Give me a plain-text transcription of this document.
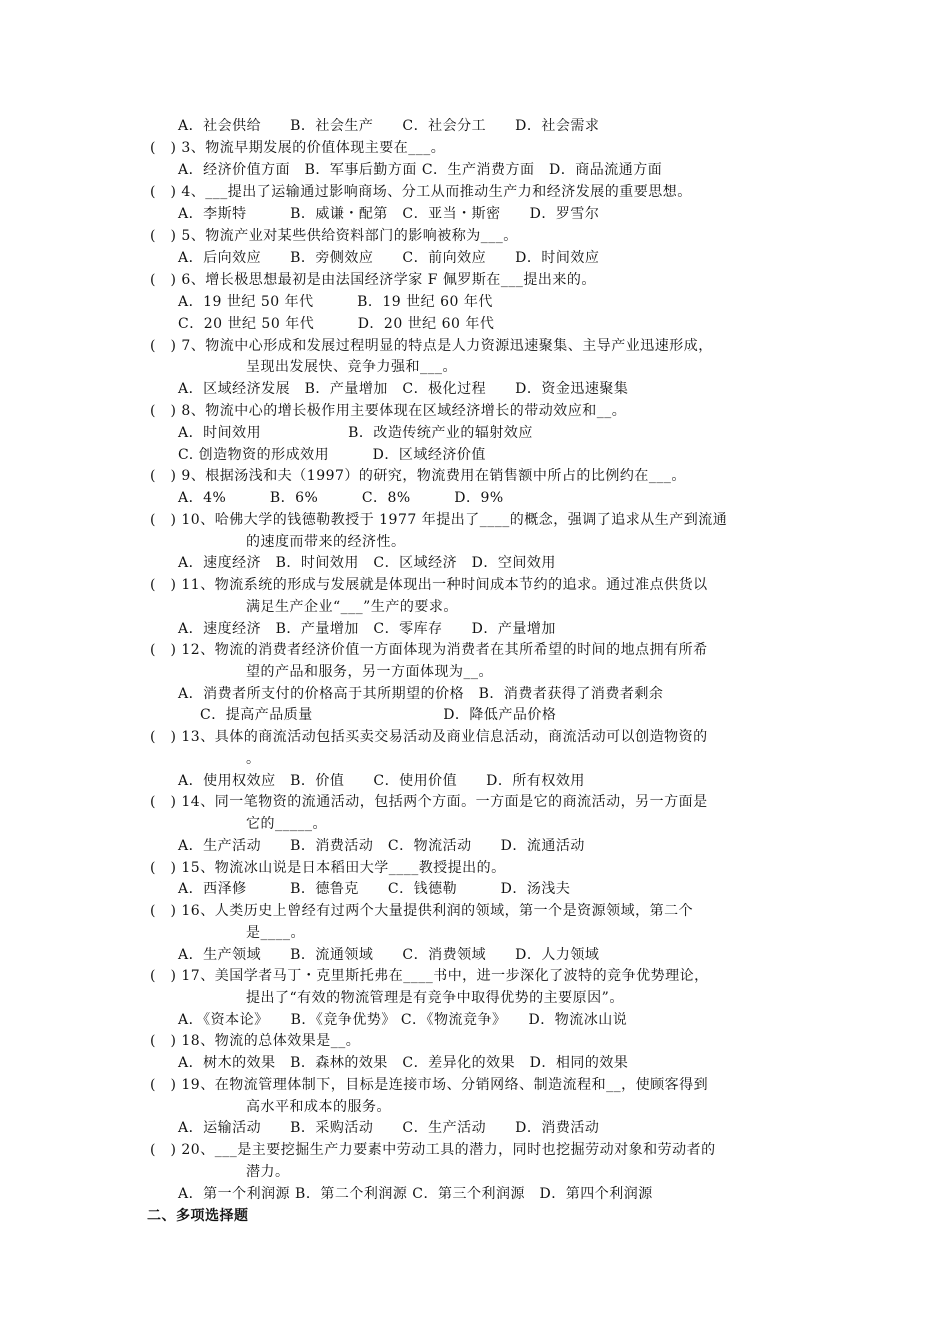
A．社会供给　　B．社会生产　　C．社会分工　　D．社会需求
(　) 3、物流早期发展的价值体现主要在___。
A．经济价值方面　B．军事后勤方面 C．生产消费方面　D．商品流通方面
(　) 4、___提出了运输通过影响商场、分工从而推动生产力和经济发展的重要思想。
A．李斯特　　　B．威谦・配第　C．亚当・斯密　　D．罗雪尔
(　) 5、物流产业对某些供给资料部门的影响被称为___。
A．后向效应　　B．旁侧效应　　C．前向效应　　D．时间效应
(　) 6、增长极思想最初是由法国经济学家 F 佩罗斯在___提出来的。
A．19 世纪 50 年代　　　B．19 世纪 60 年代
C．20 世纪 50 年代　　　D．20 世纪 60 年代
(　) 7、物流中心形成和发展过程明显的特点是人力资源迅速聚集、主导产业迅速形成，
呈现出发展快、竞争力强和___。
A．区域经济发展　B．产量增加　C．极化过程　　D．资金迅速聚集
(　) 8、物流中心的增长极作用主要体现在区域经济增长的带动效应和__。
A．时间效用　　　　　　B．改造传统产业的辐射效应
C. 创造物资的形成效用　　　D．区域经济价值
(　) 9、根据汤浅和夫（1997）的研究，物流费用在销售额中所占的比例约在___。
A．4%　　　B．6%　　　C．8%　　　D．9%
(　) 10、哈佛大学的钱德勒教授于 1977 年提出了____的概念，强调了追求从生产到流通
的速度而带来的经济性。
A．速度经济　B．时间效用　C．区域经济　D．空间效用
(　) 11、物流系统的形成与发展就是体现出一种时间成本节约的追求。通过准点供货以
满足生产企业“___”生产的要求。
A．速度经济　B．产量增加　C．零库存　　D．产量增加
(　) 12、物流的消费者经济价值一方面体现为消费者在其所希望的时间的地点拥有所希
望的产品和服务，另一方面体现为__。
A．消费者所支付的价格高于其所期望的价格　B．消费者获得了消费者剩余
C．提高产品质量　　　　　　　　　D．降低产品价格
(　) 13、具体的商流活动包括买卖交易活动及商业信息活动，商流活动可以创造物资的
。
A．使用权效应　B．价值　　C．使用价值　　D．所有权效用
(　) 14、同一笔物资的流通活动，包括两个方面。一方面是它的商流活动，另一方面是
它的_____。
A．生产活动　　B．消费活动　C．物流活动　　D．流通活动
(　) 15、物流冰山说是日本稻田大学____教授提出的。
A．西泽修　　　B．德鲁克　　C．钱德勒　　　D．汤浅夫
(　) 16、人类历史上曾经有过两个大量提供利润的领域，第一个是资源领域，第二个
是____。
A．生产领域　　B．流通领域　　C．消费领域　　D．人力领域
(　) 17、美国学者马丁・克里斯托弗在____书中，进一步深化了波特的竞争优势理论，
提出了“有效的物流管理是有竞争中取得优势的主要原因”。
A．《资本论》　　B．《竞争优势》 C．《物流竞争》　　D．物流冰山说
(　) 18、物流的总体效果是__。
A．树木的效果　B．森林的效果　C．差异化的效果　D．相同的效果
(　) 19、在物流管理体制下，目标是连接市场、分销网络、制造流程和__，使顾客得到
高水平和成本的服务。
A．运输活动　　B．采购活动　　C．生产活动　　D．消费活动
(　) 20、___是主要挖掘生产力要素中劳动工具的潜力，同时也挖掘劳动对象和劳动者的
潜力。
A．第一个利润源 B．第二个利润源 C．第三个利润源　D．第四个利润源
二、多项选择题
